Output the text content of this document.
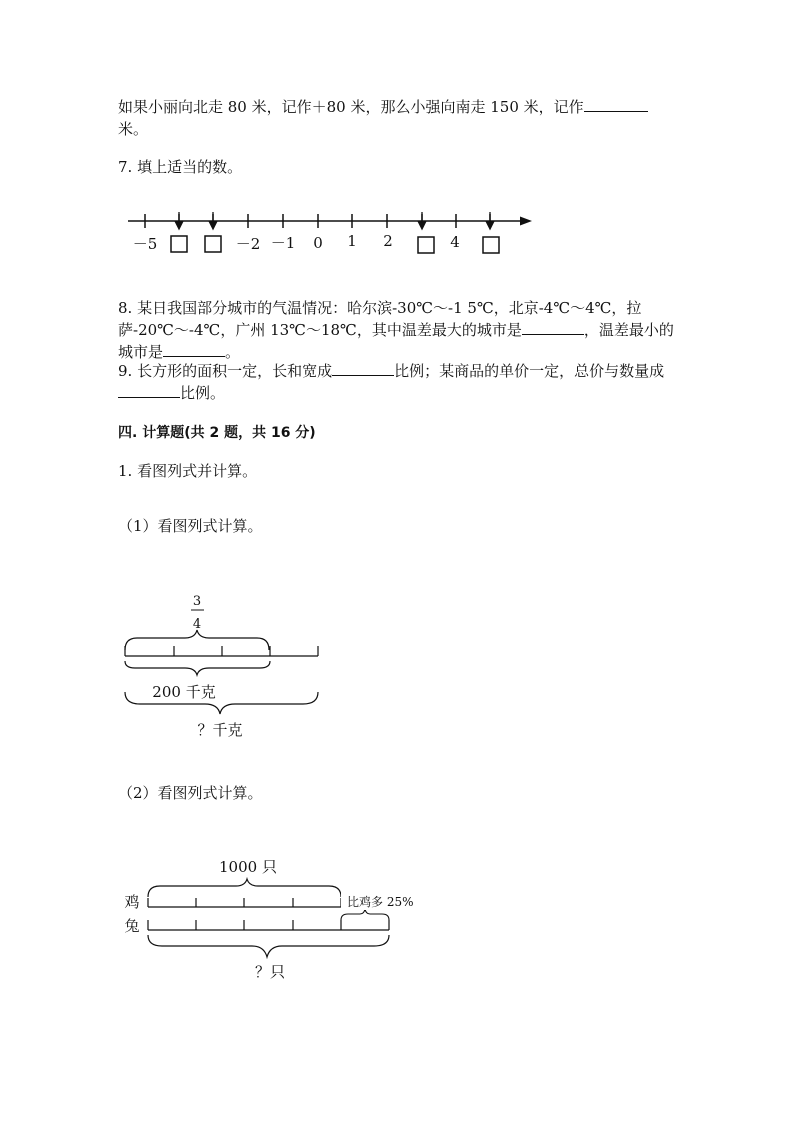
如果小丽向北走 80 米，记作＋80 米，那么小强向南走 150 米，记作
米。
7. 填上适当的数。
－5	－2 －1 0 1 2	4
3
4
200 千克
？千克
1000 只
鸡
兔
比鸡多 25%
？只
8. 某日我国部分城市的气温情况：哈尔滨-30℃～-1 5℃，北京-4℃～4℃，拉萨-20℃～-4℃，广州 13℃～18℃，其中温差最大的城市是	，温差最小的城市是	。
9. 长方形的面积一定，长和宽成	比例；某商品的单价一定，总价与数量成比例。
四. 计算题(共 2 题，共 16 分)
1. 看图列式并计算。
（1）看图列式计算。
（2）看图列式计算。
